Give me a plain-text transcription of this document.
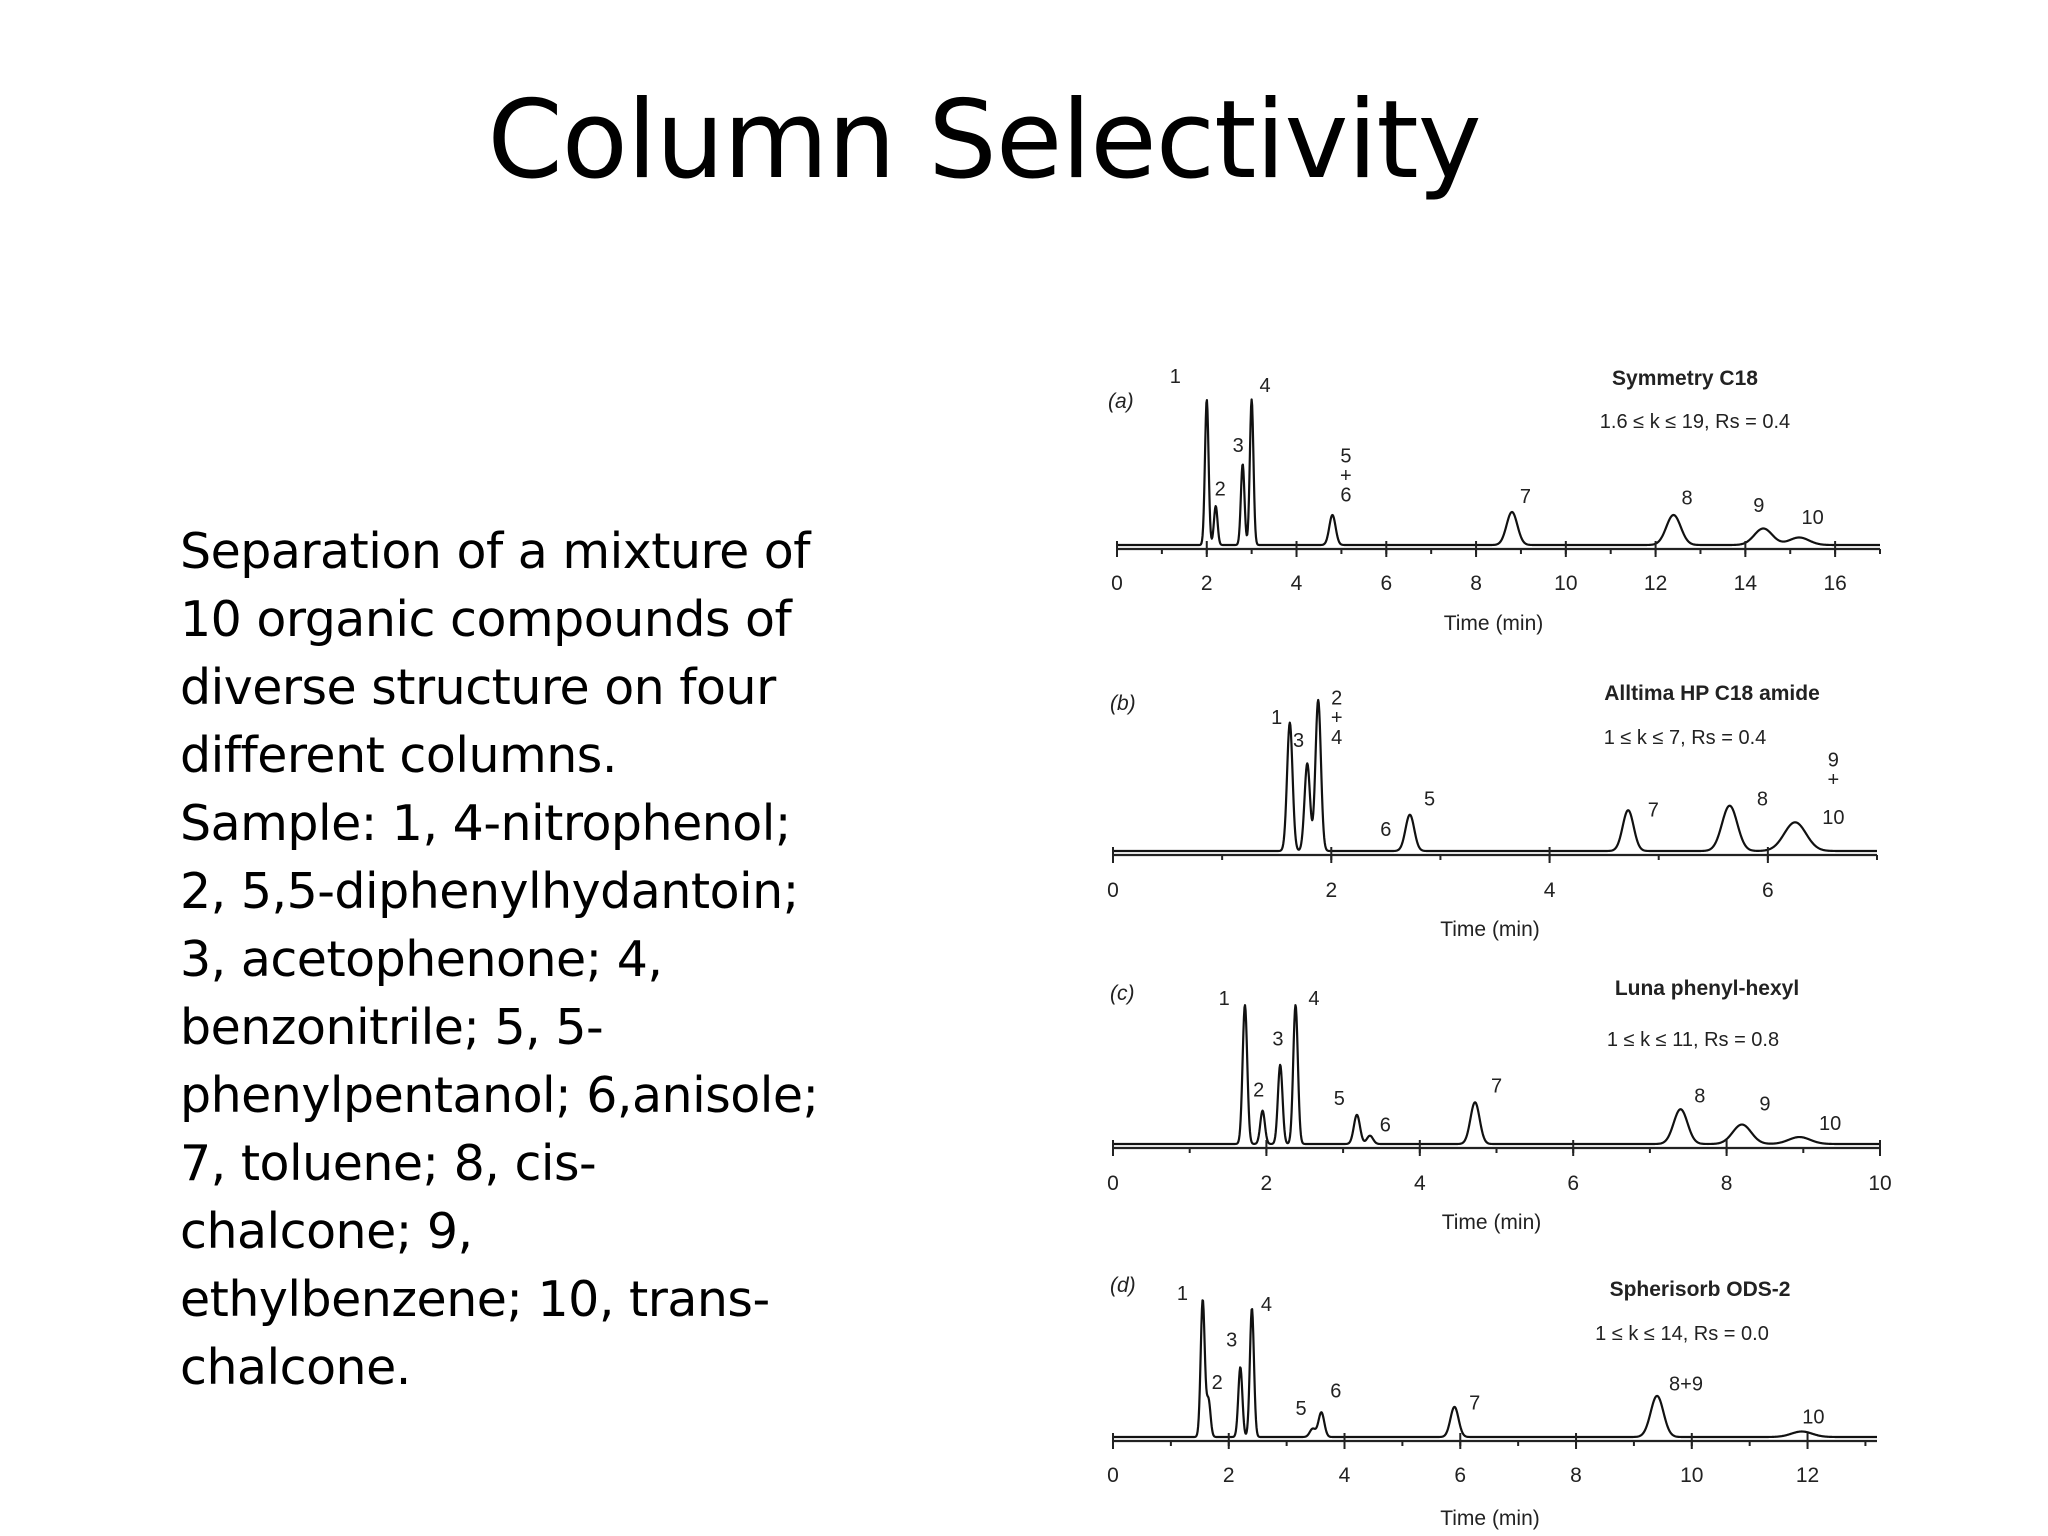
Column Selectivity
Separation of a mixture of 10 organic compounds of diverse structure on four different columns. Sample: 1, 4-nitrophenol; 2, 5,5-diphenylhydantoin; 3, acetophenone; 4, benzonitrile; 5, 5-phenylpentanol; 6,anisole; 7, toluene; 8, cis-chalcone; 9, ethylbenzene; 10, trans-chalcone.
0	2	4	6	8	10	12	14	16
Time (min)
(a)
Symmetry C18
1.6 ≤ k ≤ 19, Rs = 0.4
1
2
3
4
5
+
6	7	8	9
10
0	2	4	6
Time (min)
(b)	Alltima HP C18 amide
1 ≤ k ≤ 7, Rs = 0.4
1
3
2
+
4
6
5	7	8
9
+
10
0	2	4	6	8	10
Time (min)
(c)	Luna phenyl-hexyl
1 ≤ k ≤ 11, Rs = 0.8
1
2
3
4
5
6
7	8	9
10
0	2	4	6	8	10	12
Time (min)
(d)	Spherisorb ODS-2
1 ≤ k ≤ 14, Rs = 0.0
1
2
3
4
5
6
7
8+9
10
